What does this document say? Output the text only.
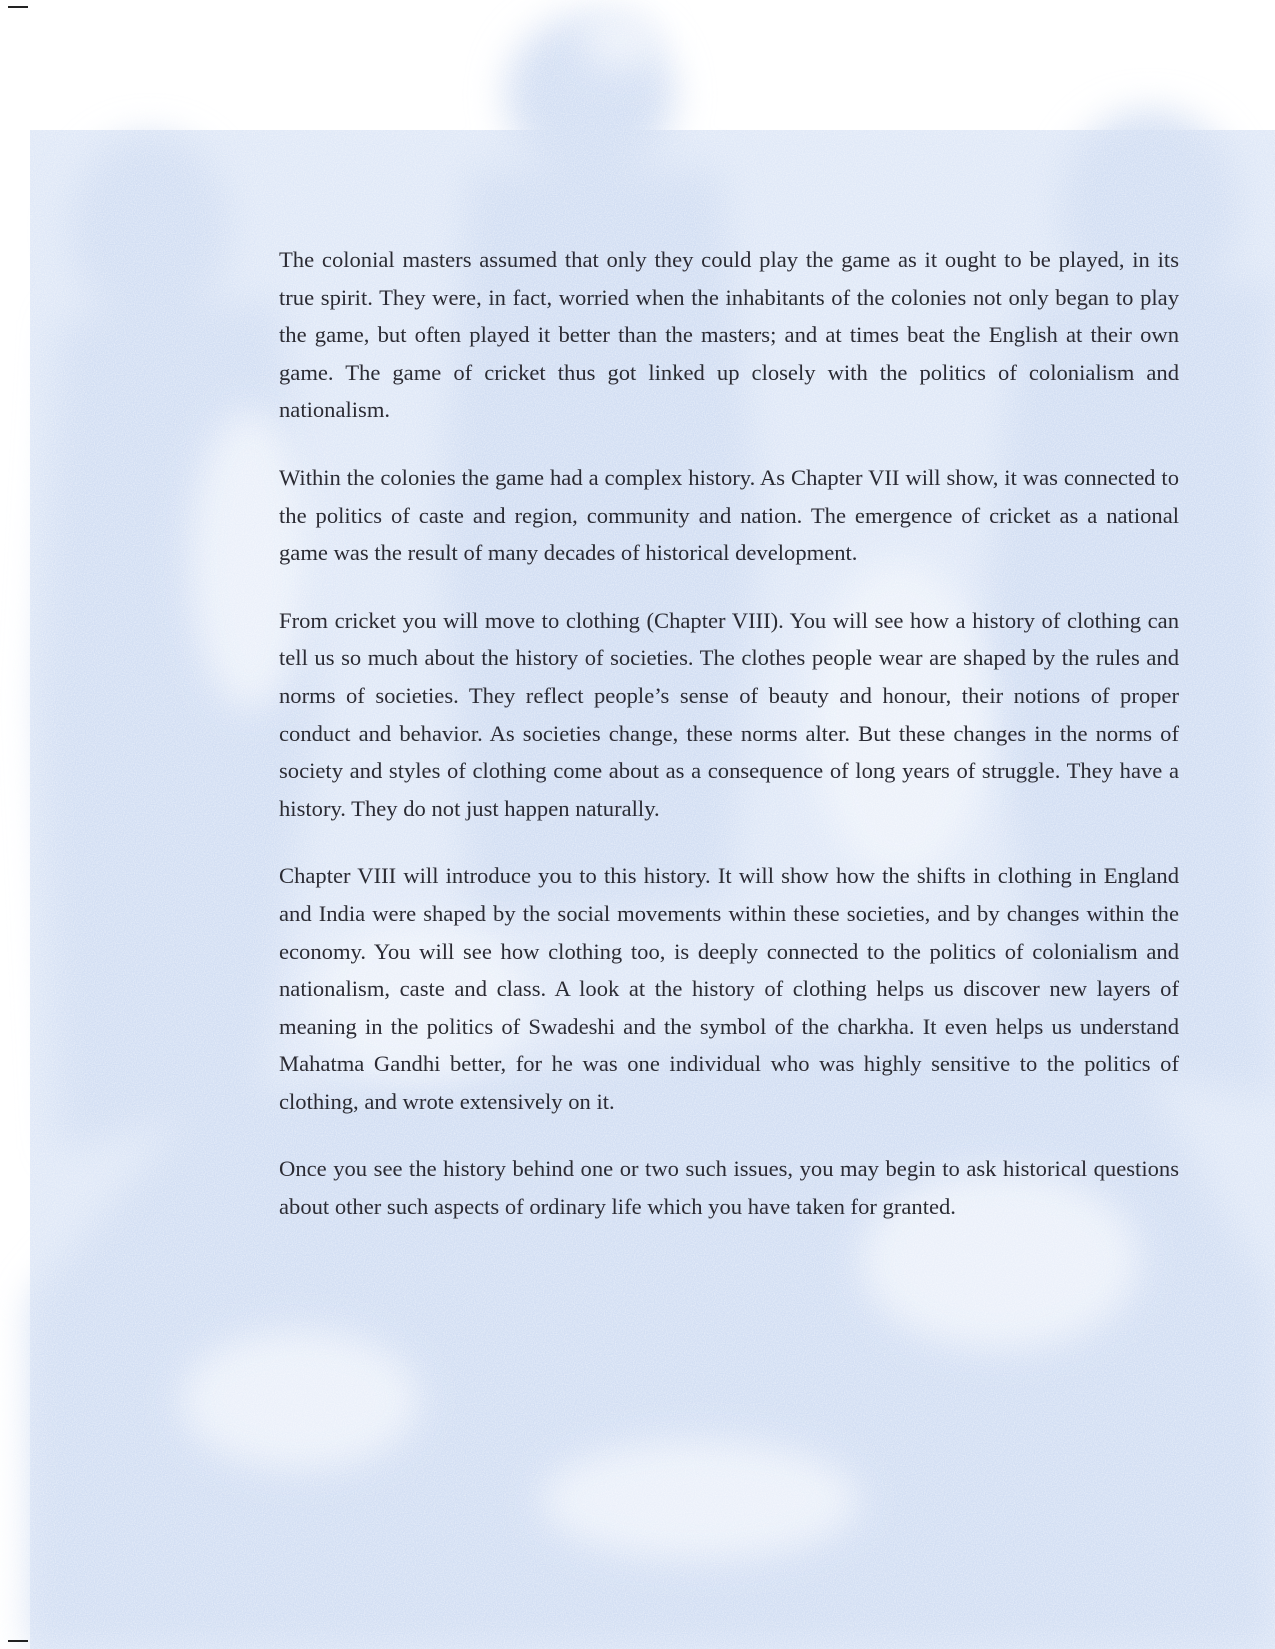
The colonial masters assumed that only they could play the game as it ought to be played, in its true spirit. They were, in fact, worried when the inhabitants of the colonies not only began to play the game, but often played it better than the masters; and at times beat the English at their own game. The game of cricket thus got linked up closely with the politics of colonialism and nationalism.

Within the colonies the game had a complex history. As Chapter VII will show, it was connected to the politics of caste and region, community and nation. The emergence of cricket as a national game was the result of many decades of historical development.

From cricket you will move to clothing (Chapter VIII). You will see how a history of clothing can tell us so much about the history of societies. The clothes people wear are shaped by the rules and norms of societies. They reflect people’s sense of beauty and honour, their notions of proper conduct and behavior. As societies change, these norms alter. But these changes in the norms of society and styles of clothing come about as a consequence of long years of struggle. They have a history. They do not just happen naturally.

Chapter VIII will introduce you to this history. It will show how the shifts in clothing in England and India were shaped by the social movements within these societies, and by changes within the economy. You will see how clothing too, is deeply connected to the politics of colonialism and nationalism, caste and class. A look at the history of clothing helps us discover new layers of meaning in the politics of Swadeshi and the symbol of the charkha. It even helps us understand Mahatma Gandhi better, for he was one individual who was highly sensitive to the politics of clothing, and wrote extensively on it.

Once you see the history behind one or two such issues, you may begin to ask historical questions about other such aspects of ordinary life which you have taken for granted.
